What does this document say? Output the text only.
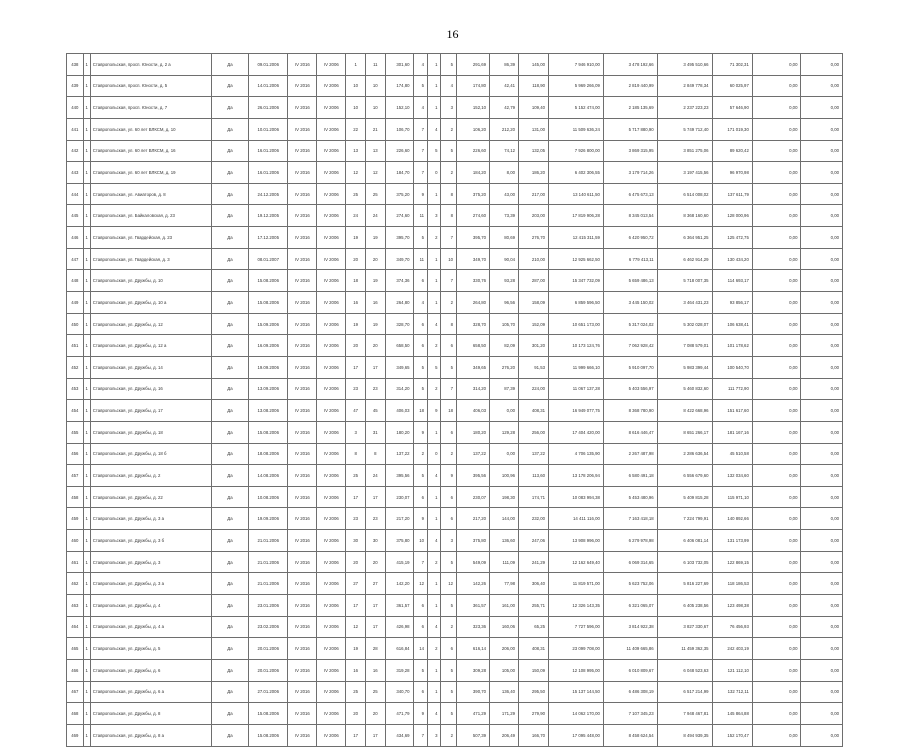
16
438	1	Ставропольская, просп. Юности, д. 2 а	Да	09.01.2006	IV 2016	IV 2006	1	11	301,60	4	1	5	291,69	86,39	145,00	7 946 910,00	3 478 192,66	3 495 510,66	71 302,31	0,00	0,00
439	1	Ставропольская, просп. Юности, д. 5	Да	14.01.2006	IV 2016	IV 2006	10	10	174,80	5	1	4	174,80	42,41	118,90	5 969 266,09	2 819 440,99	2 849 778,34	60 025,97	0,00	0,00
440	1	Ставропольская, просп. Юности, д. 7	Да	26.01.2006	IV 2016	IV 2006	10	10	152,10	4	1	3	152,10	42,79	109,40	5 152 474,00	2 185 135,69	2 237 223,23	57 646,90	0,00	0,00
441	1	Ставропольская, ул. 60 лет ВЛКСМ, д. 10	Да	10.01.2006	IV 2016	IV 2006	22	21	106,70	7	4	2	106,20	212,20	131,00	11 509 636,24	5 717 880,90	5 749 712,40	171 019,30	0,00	0,00
442	1	Ставропольская, ул. 60 лет ВЛКСМ, д. 16	Да	16.01.2006	IV 2016	IV 2006	13	13	226,60	7	5	5	226,60	74,12	132,05	7 926 800,00	3 869 315,95	3 851 275,06	89 620,42	0,00	0,00
443	1	Ставропольская, ул. 60 лет ВЛКСМ, д. 19	Да	16.01.2006	IV 2016	IV 2006	12	12	184,70	7	0	2	184,20	8,00	186,20	6 402 306,55	3 179 714,26	3 197 415,56	96 970,98	0,00	0,00
444	1	Ставропольская, ул. Авиаторов, д. 8	Да	24.12.2005	IV 2016	IV 2006	25	25	375,20	9	1	8	375,20	43,00	217,00	13 140 611,50	6 475 673,13	6 514 008,02	137 611,79	0,00	0,00
445	1	Ставропольская, ул. Байкаловская, д. 23	Да	19.12.2005	IV 2016	IV 2006	24	24	274,60	11	3	8	274,60	73,39	203,00	17 819 906,28	8 345 013,54	8 368 160,60	128 000,96	0,00	0,00
446	1	Ставропольская, ул. Гвардейская, д. 23	Да	17.12.2005	IV 2016	IV 2006	19	19	395,70	5	2	7	395,70	80,69	276,70	12 415 311,59	6 420 950,72	6 364 951,25	125 472,75	0,00	0,00
447	1	Ставропольская, ул. Гвардейская, д. 3	Да	08.01.2007	IV 2016	IV 2006	20	20	349,70	11	1	10	349,70	90,04	210,00	12 925 662,50	6 779 413,11	6 462 914,29	130 434,20	0,00	0,00
448	1	Ставропольская, ул. Дружбы, д. 10	Да	15.08.2006	IV 2016	IV 2006	18	19	374,36	6	1	7	330,76	93,28	287,00	15 347 732,09	5 659 486,13	5 718 007,35	114 693,17	0,00	0,00
449	1	Ставропольская, ул. Дружбы, д. 10 а	Да	15.08.2006	IV 2016	IV 2006	16	16	264,80	4	1	2	264,80	96,56	158,09	6 859 596,50	3 445 150,02	3 464 431,23	93 856,17	0,00	0,00
450	1	Ставропольская, ул. Дружбы, д. 12	Да	15.09.2006	IV 2016	IV 2006	19	19	328,70	6	4	8	328,70	105,70	152,09	10 651 173,00	5 317 024,02	5 302 028,07	106 638,41	0,00	0,00
451	1	Ставропольская, ул. Дружбы, д. 12 а	Да	16.09.2006	IV 2016	IV 2006	20	20	658,50	6	2	6	658,50	82,09	301,20	10 173 124,76	7 062 928,42	7 088 579,01	101 178,62	0,00	0,00
452	1	Ставропольская, ул. Дружбы, д. 14	Да	19.09.2006	IV 2016	IV 2006	17	17	349,65	5	5	5	349,65	276,20	91,53	11 999 666,10	5 910 097,70	5 983 399,44	100 540,70	0,00	0,00
453	1	Ставропольская, ул. Дружбы, д. 16	Да	13.09.2006	IV 2016	IV 2006	23	23	314,20	5	2	7	314,20	87,39	224,00	11 067 137,28	5 403 556,97	5 460 832,60	111 772,90	0,00	0,00
454	1	Ставропольская, ул. Дружбы, д. 17	Да	13.08.2006	IV 2016	IV 2006	47	45	406,03	18	9	18	406,03	0,00	408,31	16 949 077,75	8 368 780,90	8 422 668,96	151 617,60	0,00	0,00
455	1	Ставропольская, ул. Дружбы, д. 18	Да	15.08.2006	IV 2016	IV 2006	3	31	180,20	9	1	6	180,20	129,28	256,00	17 404 420,00	8 616 446,47	8 651 266,17	181 167,16	0,00	0,00
456	1	Ставропольская, ул. Дружбы, д. 18 б	Да	18.08.2006	IV 2016	IV 2006	8	8	137,22	2	0	2	137,22	0,00	137,22	4 706 135,90	2 267 487,98	2 286 636,54	45 510,58	0,00	0,00
457	1	Ставропольская, ул. Дружбы, д. 2	Да	14.08.2006	IV 2016	IV 2006	25	24	395,56	5	4	9	395,56	100,96	113,60	13 178 206,94	6 580 491,18	6 556 679,60	132 034,60	0,00	0,00
458	1	Ставропольская, ул. Дружбы, д. 22	Да	10.08.2006	IV 2016	IV 2006	17	17	230,07	6	1	6	230,07	198,30	174,71	10 083 994,38	5 453 480,96	5 409 815,28	115 971,10	0,00	0,00
459	1	Ставропольская, ул. Дружбы, д. 3 а	Да	19.09.2006	IV 2016	IV 2006	23	23	217,20	9	1	6	217,20	144,00	232,00	14 411 116,00	7 163 418,18	7 224 799,91	140 892,66	0,00	0,00
460	1	Ставропольская, ул. Дружбы, д. 3 б	Да	21.01.2006	IV 2016	IV 2006	30	30	375,80	10	4	3	375,80	136,60	247,06	13 908 996,00	6 279 978,98	6 406 081,14	131 173,99	0,00	0,00
461	1	Ставропольская, ул. Дружбы, д. 3	Да	21.01.2006	IV 2016	IV 2006	20	20	415,19	7	2	5	549,09	111,09	241,29	12 162 649,40	6 069 314,65	6 103 732,05	122 869,15	0,00	0,00
462	1	Ставропольская, ул. Дружбы, д. 3 а	Да	21.01.2006	IV 2016	IV 2006	27	27	142,20	12	1	12	142,26	77,98	306,40	11 819 571,00	5 623 752,06	5 816 227,69	118 186,53	0,00	0,00
463	1	Ставропольская, ул. Дружбы, д. 4	Да	23.01.2006	IV 2016	IV 2006	17	17	361,57	6	1	5	361,57	161,00	255,71	12 326 143,35	6 321 065,07	6 405 238,56	123 498,38	0,00	0,00
464	1	Ставропольская, ул. Дружбы, д. 4 а	Да	23.02.2006	IV 2016	IV 2006	12	17	426,98	6	4	2	323,36	160,06	65,25	7 727 596,00	3 814 922,38	3 827 330,67	76 456,93	0,00	0,00
465	1	Ставропольская, ул. Дружбы, д. 5	Да	20.01.2006	IV 2016	IV 2006	19	28	616,84	14	2	6	616,14	206,00	408,31	23 099 708,00	11 409 665,86	11 459 362,35	242 403,19	0,00	0,00
466	1	Ставропольская, ул. Дружбы, д. 6	Да	20.01.2006	IV 2016	IV 2006	16	16	319,28	5	1	5	309,28	105,00	150,09	12 108 995,00	6 010 809,67	6 048 523,63	121 112,10	0,00	0,00
467	1	Ставропольская, ул. Дружбы, д. 6 а	Да	27.01.2006	IV 2016	IV 2006	25	25	340,70	6	1	5	390,70	136,40	295,50	15 137 144,50	6 486 308,19	6 517 214,99	132 712,11	0,00	0,00
468	1	Ставропольская, ул. Дружбы, д. 8	Да	15.08.2006	IV 2016	IV 2006	20	20	471,79	9	4	5	471,29	171,29	279,90	14 062 170,00	7 107 345,23	7 948 467,81	145 864,88	0,00	0,00
469	1	Ставропольская, ул. Дружбы, д. 8 а	Да	15.08.2006	IV 2016	IV 2006	17	17	434,69	7	3	2	507,39	206,49	166,70	17 095 448,00	8 458 624,54	8 494 939,35	152 170,47	0,00	0,00
